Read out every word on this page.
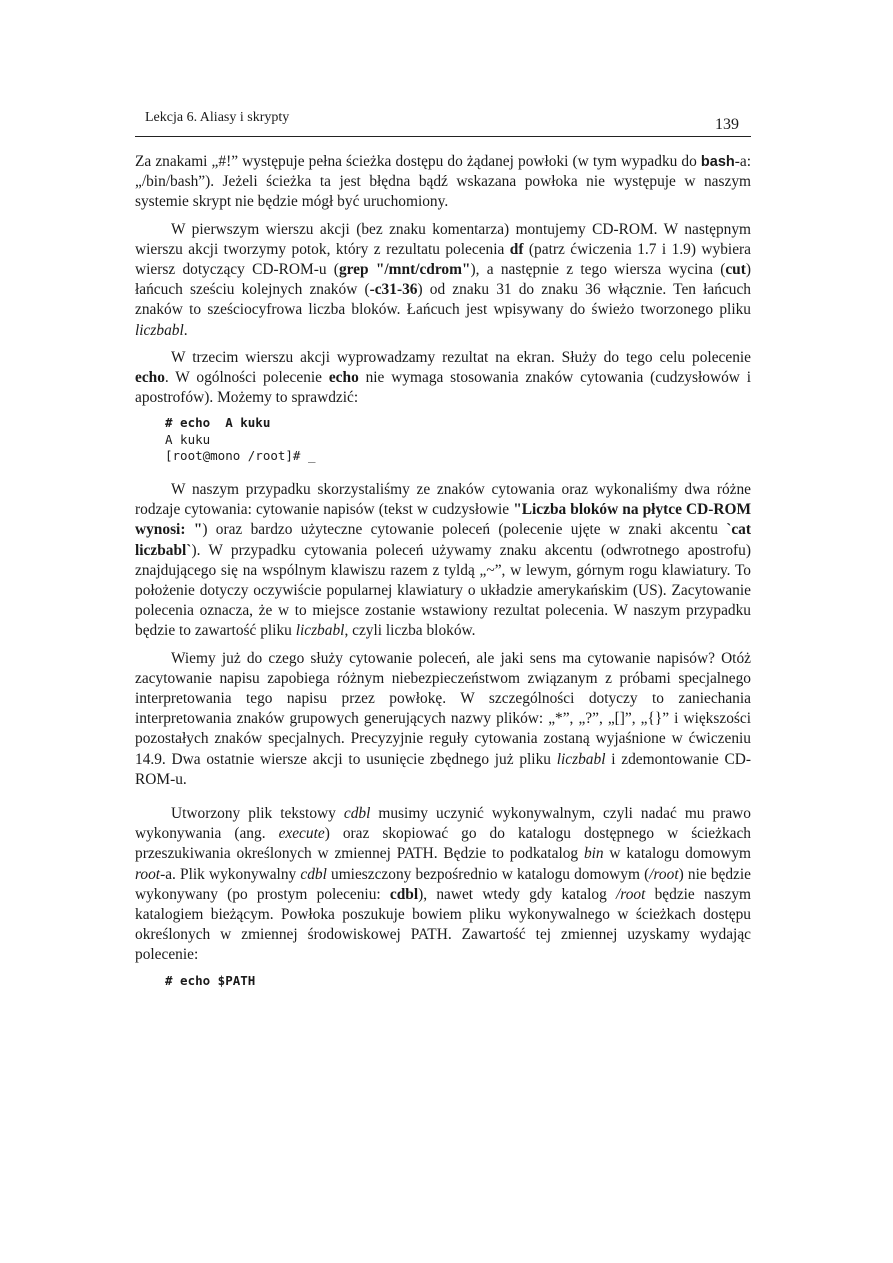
Lekcja 6. Aliasy i skrypty	139

Za znakami „#!” występuje pełna ścieżka dostępu do żądanej powłoki (w tym wypadku do bash-a: „/bin/bash”). Jeżeli ścieżka ta jest błędna bądź wskazana powłoka nie występuje w naszym systemie skrypt nie będzie mógł być uruchomiony.

W pierwszym wierszu akcji (bez znaku komentarza) montujemy CD-ROM. W następnym wierszu akcji tworzymy potok, który z rezultatu polecenia df (patrz ćwiczenia 1.7 i 1.9) wybiera wiersz dotyczący CD-ROM-u (grep "/mnt/cdrom"), a następnie z tego wiersza wycina (cut) łańcuch sześciu kolejnych znaków (-c31-36) od znaku 31 do znaku 36 włącznie. Ten łańcuch znaków to sześciocyfrowa liczba bloków. Łańcuch jest wpisywany do świeżo tworzonego pliku liczbabl.

W trzecim wierszu akcji wyprowadzamy rezultat na ekran. Służy do tego celu polecenie echo. W ogólności polecenie echo nie wymaga stosowania znaków cytowania (cudzysłowów i apostrofów). Możemy to sprawdzić:

# echo  A kuku
A kuku
[root@mono /root]# _

W naszym przypadku skorzystaliśmy ze znaków cytowania oraz wykonaliśmy dwa różne rodzaje cytowania: cytowanie napisów (tekst w cudzysłowie "Liczba bloków na płytce CD-ROM wynosi: ") oraz bardzo użyteczne cytowanie poleceń (polecenie ujęte w znaki akcentu `cat liczbabl`). W przypadku cytowania poleceń używamy znaku akcentu (odwrotnego apostrofu) znajdującego się na wspólnym klawiszu razem z tyldą „~”, w lewym, górnym rogu klawiatury. To położenie dotyczy oczywiście popularnej klawiatury o układzie amerykańskim (US). Zacytowanie polecenia oznacza, że w to miejsce zostanie wstawiony rezultat polecenia. W naszym przypadku będzie to zawartość pliku liczbabl, czyli liczba bloków.

Wiemy już do czego służy cytowanie poleceń, ale jaki sens ma cytowanie napisów? Otóż zacytowanie napisu zapobiega różnym niebezpieczeństwom związanym z próbami specjalnego interpretowania tego napisu przez powłokę. W szczególności dotyczy to zaniechania interpretowania znaków grupowych generujących nazwy plików: „*”, „?”, „[]”, „{}” i większości pozostałych znaków specjalnych. Precyzyjnie reguły cytowania zostaną wyjaśnione w ćwiczeniu 14.9. Dwa ostatnie wiersze akcji to usunięcie zbędnego już pliku liczbabl i zdemontowanie CD-ROM-u.

Utworzony plik tekstowy cdbl musimy uczynić wykonywalnym, czyli nadać mu prawo wykonywania (ang. execute) oraz skopiować go do katalogu dostępnego w ścieżkach przeszukiwania określonych w zmiennej PATH. Będzie to podkatalog bin w katalogu domowym root-a. Plik wykonywalny cdbl umieszczony bezpośrednio w katalogu domowym (/root) nie będzie wykonywany (po prostym poleceniu: cdbl), nawet wtedy gdy katalog /root będzie naszym katalogiem bieżącym. Powłoka poszukuje bowiem pliku wykonywalnego w ścieżkach dostępu określonych w zmiennej środowiskowej PATH. Zawartość tej zmiennej uzyskamy wydając polecenie:

# echo $PATH
